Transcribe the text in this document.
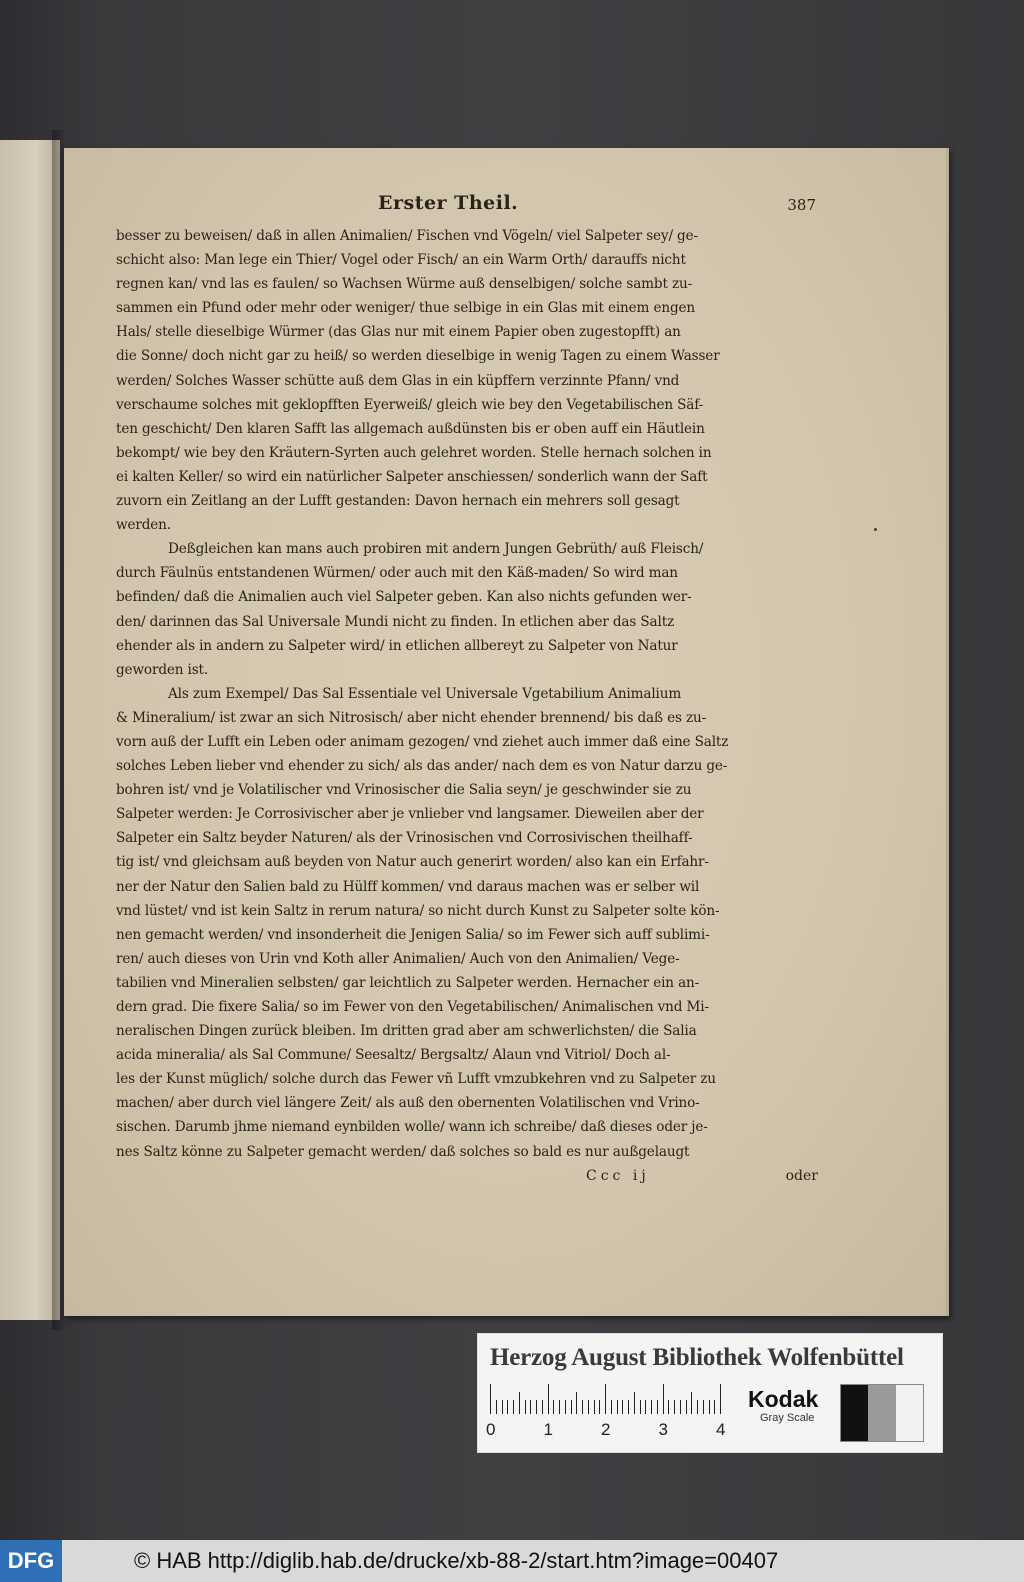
Erster Theil.	387
besser zu beweisen/ daß in allen Animalien/ Fischen vnd Vögeln/ viel Salpeter sey/ ge-
schicht also: Man lege ein Thier/ Vogel oder Fisch/ an ein Warm Orth/ darauffs nicht
regnen kan/ vnd las es faulen/ so Wachsen Würme auß denselbigen/ solche sambt zu-
sammen ein Pfund oder mehr oder weniger/ thue selbige in ein Glas mit einem engen
Hals/ stelle dieselbige Würmer (das Glas nur mit einem Papier oben zugestopfft) an
die Sonne/ doch nicht gar zu heiß/ so werden dieselbige in wenig Tagen zu einem Wasser
werden/ Solches Wasser schütte auß dem Glas in ein küpffern verzinnte Pfann/ vnd
verschaume solches mit geklopfften Eyerweiß/ gleich wie bey den Vegetabilischen Säf-
ten geschicht/ Den klaren Safft las allgemach außdünsten bis er oben auff ein Häutlein
bekompt/ wie bey den Kräutern-Syrten auch gelehret worden. Stelle hernach solchen in
ei kalten Keller/ so wird ein natürlicher Salpeter anschiessen/ sonderlich wann der Saft
zuvorn ein Zeitlang an der Lufft gestanden: Davon hernach ein mehrers soll gesagt
werden.
Deßgleichen kan mans auch probiren mit andern Jungen Gebrüth/ auß Fleisch/
durch Fäulnüs entstandenen Würmen/ oder auch mit den Käß-maden/ So wird man
befinden/ daß die Animalien auch viel Salpeter geben. Kan also nichts gefunden wer-
den/ darinnen das Sal Universale Mundi nicht zu finden. In etlichen aber das Saltz
ehender als in andern zu Salpeter wird/ in etlichen allbereyt zu Salpeter von Natur
geworden ist.
Als zum Exempel/ Das Sal Essentiale vel Universale Vgetabilium Animalium
& Mineralium/ ist zwar an sich Nitrosisch/ aber nicht ehender brennend/ bis daß es zu-
vorn auß der Lufft ein Leben oder animam gezogen/ vnd ziehet auch immer daß eine Saltz
solches Leben lieber vnd ehender zu sich/ als das ander/ nach dem es von Natur darzu ge-
bohren ist/ vnd je Volatilischer vnd Vrinosischer die Salia seyn/ je geschwinder sie zu
Salpeter werden: Je Corrosivischer aber je vnlieber vnd langsamer. Dieweilen aber der
Salpeter ein Saltz beyder Naturen/ als der Vrinosischen vnd Corrosivischen theilhaff-
tig ist/ vnd gleichsam auß beyden von Natur auch generirt worden/ also kan ein Erfahr-
ner der Natur den Salien bald zu Hülff kommen/ vnd daraus machen was er selber wil
vnd lüstet/ vnd ist kein Saltz in rerum natura/ so nicht durch Kunst zu Salpeter solte kön-
nen gemacht werden/ vnd insonderheit die Jenigen Salia/ so im Fewer sich auff sublimi-
ren/ auch dieses von Urin vnd Koth aller Animalien/ Auch von den Animalien/ Vege-
tabilien vnd Mineralien selbsten/ gar leichtlich zu Salpeter werden. Hernacher ein an-
dern grad. Die fixere Salia/ so im Fewer von den Vegetabilischen/ Animalischen vnd Mi-
neralischen Dingen zurück bleiben. Im dritten grad aber am schwerlichsten/ die Salia
acida mineralia/ als Sal Commune/ Seesaltz/ Bergsaltz/ Alaun vnd Vitriol/ Doch al-
les der Kunst müglich/ solche durch das Fewer vñ Lufft vmzubkehren vnd zu Salpeter zu
machen/ aber durch viel längere Zeit/ als auß den obernenten Volatilischen vnd Vrino-
sischen. Darumb jhme niemand eynbilden wolle/ wann ich schreibe/ daß dieses oder je-
nes Saltz könne zu Salpeter gemacht werden/ daß solches so bald es nur außgelaugt
Ccc ij	oder
Herzog August Bibliothek Wolfenbüttel
0	1	2	3	4
Kodak
Gray Scale
DFG	© HAB http://diglib.hab.de/drucke/xb-88-2/start.htm?image=00407
